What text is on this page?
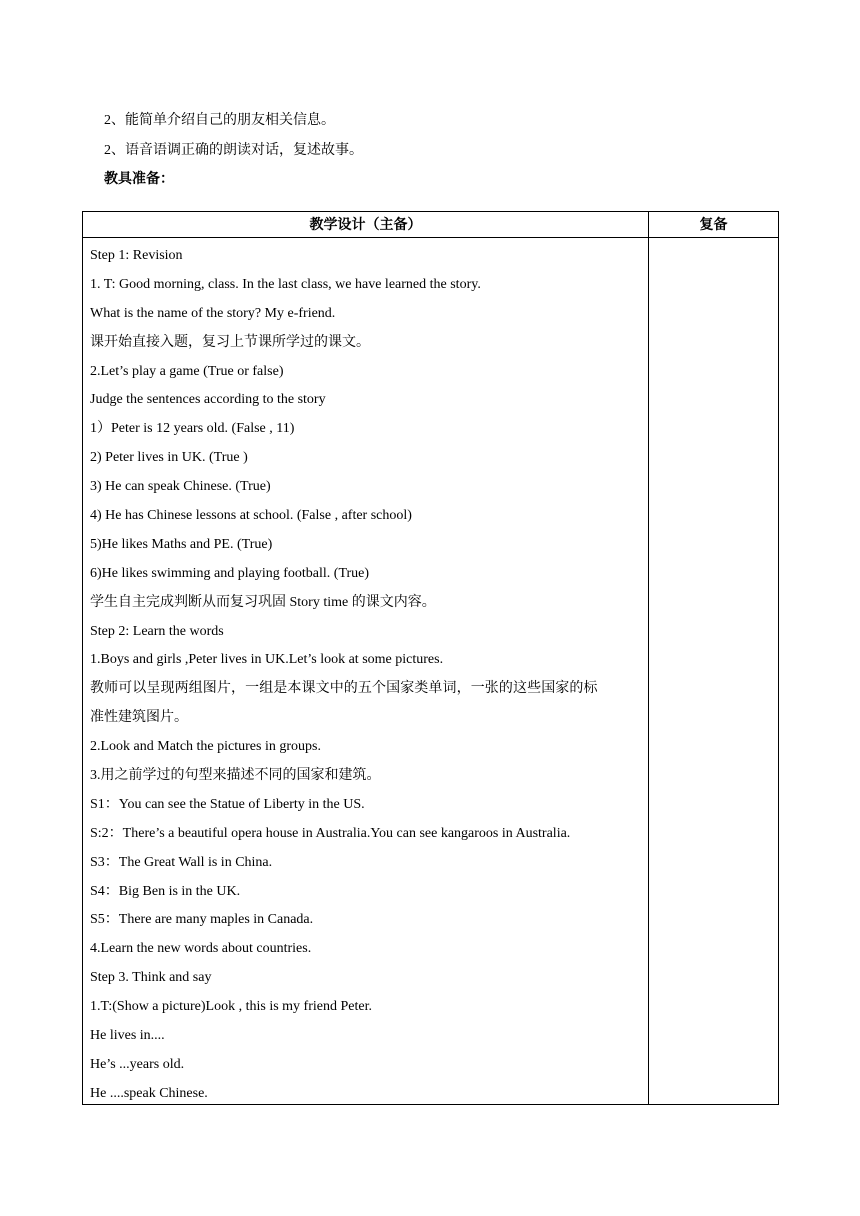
2、能简单介绍自己的朋友相关信息。
2、语音语调正确的朗读对话，复述故事。
教具准备：
教学设计（主备）	复备
Step 1: Revision
1. T: Good morning, class. In the last class, we have learned the story.
What is the name of the story? My e-friend.
课开始直接入题，复习上节课所学过的课文。
2.Let’s play a game (True or false)
Judge the sentences according to the story
1）Peter is 12 years old. (False , 11)
2) Peter lives in UK. (True )
3) He can speak Chinese. (True)
4) He has Chinese lessons at school. (False , after school)
5)He likes Maths and PE. (True)
6)He likes swimming and playing football. (True)
学生自主完成判断从而复习巩固 Story time 的课文内容。
Step 2: Learn the words
1.Boys and girls ,Peter lives in UK.Let’s look at some pictures.
教师可以呈现两组图片，一组是本课文中的五个国家类单词，一张的这些国家的标
准性建筑图片。
2.Look and Match the pictures in groups.
3.用之前学过的句型来描述不同的国家和建筑。
S1：You can see the Statue of Liberty in the US.
S:2：There’s a beautiful opera house in Australia.You can see kangaroos in Australia.
S3：The Great Wall is in China.
S4：Big Ben is in the UK.
S5：There are many maples in Canada.
4.Learn the new words about countries.
Step 3. Think and say
1.T:(Show a picture)Look , this is my friend Peter.
He lives in....
He’s ...years old.
He ....speak Chinese.
